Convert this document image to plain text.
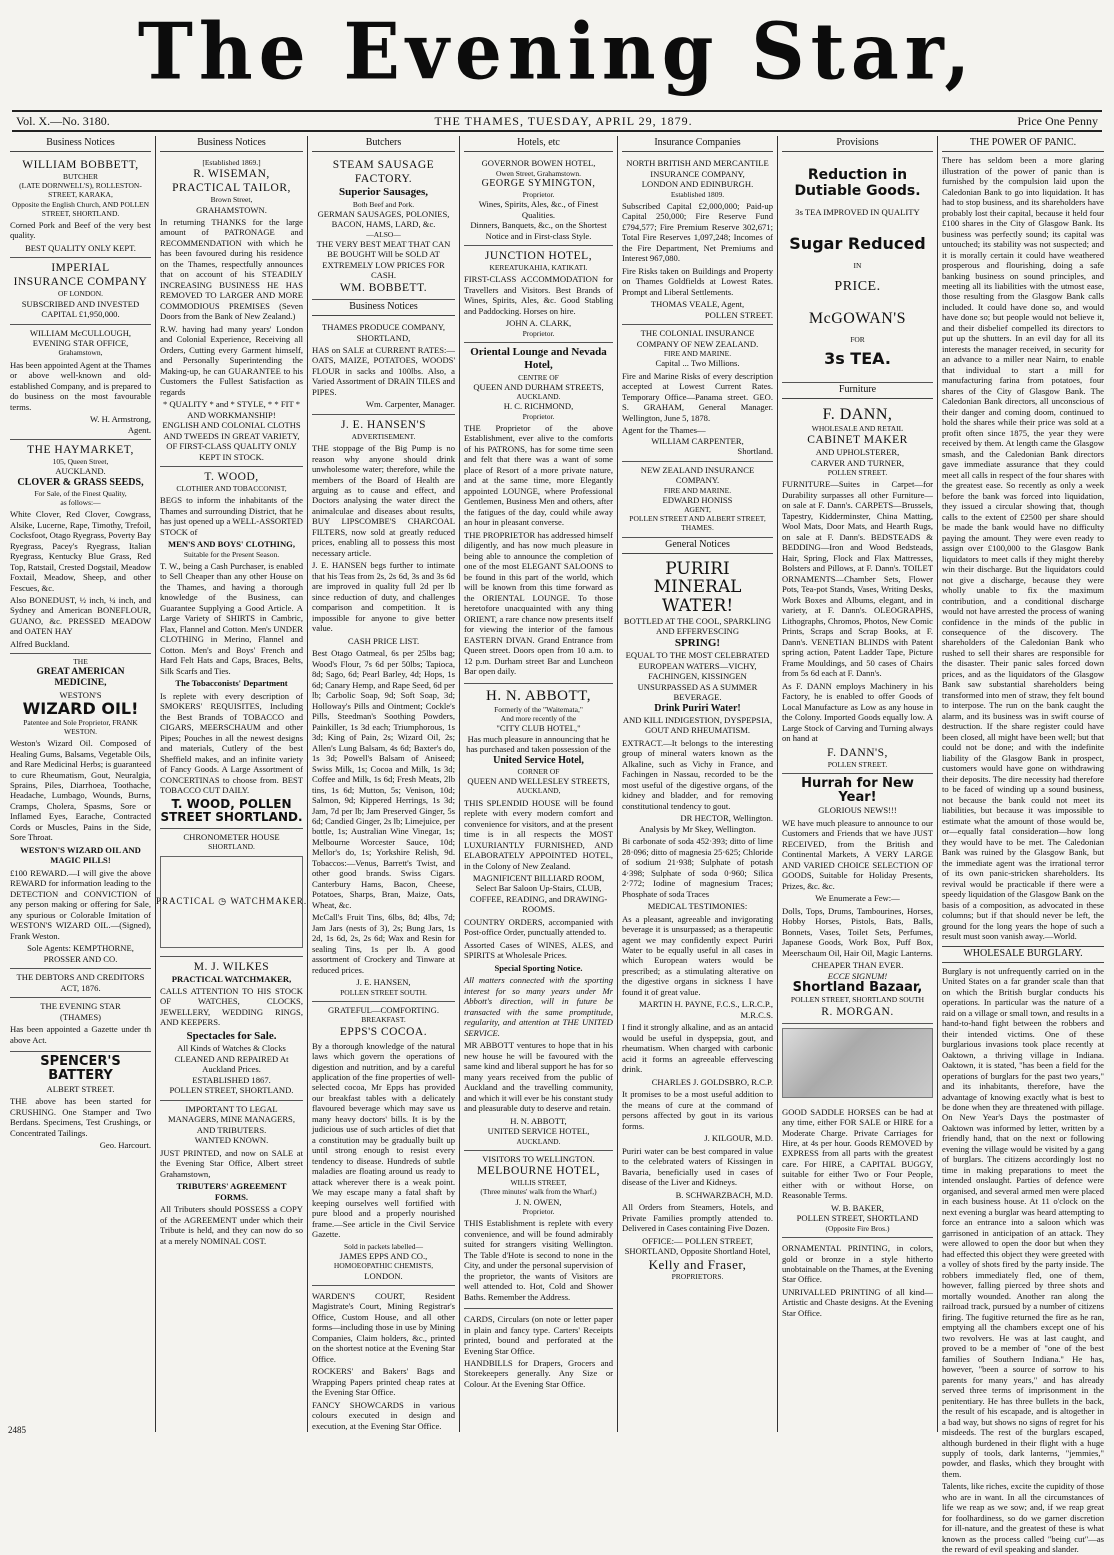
The Evening Star,
Vol. X.—No. 3180.	THE THAMES, TUESDAY, APRIL 29, 1879.	Price One Penny
Business Notices
WILLIAM BOBBETT,
BUTCHER
(LATE DORNWELL'S), ROLLESTON-STREET, KARAKA,
Opposite the English Church, AND POLLEN STREET, SHORTLAND.

Corned Pork and Beef of the very best quality.

BEST QUALITY ONLY KEPT.
IMPERIAL
INSURANCE COMPANY
OF LONDON.
SUBSCRIBED AND INVESTED
CAPITAL £1,950,000.
WILLIAM McCULLOUGH,
EVENING STAR OFFICE,
Grahamstown,

Has been appointed Agent at the Thames or above well-known and old-established Company, and is prepared to do business on the most favourable terms.

W. H. Armstrong,
Agent.
THE HAYMARKET,
105, Queen Street,
AUCKLAND.
CLOVER & GRASS SEEDS,
For Sale, of the Finest Quality,
as follows:—

White Clover, Red Clover, Cowgrass, Alsike, Lucerne, Rape, Timothy, Trefoil, Cocksfoot, Otago Ryegrass, Poverty Bay Ryegrass, Pacey's Ryegrass, Italian Ryegrass, Kentucky Blue Grass, Red Top, Ratstail, Crested Dogstail, Meadow Foxtail, Meadow, Sheep, and other Fescues, &c.

Also BONEDUST, ½ inch, ¼ inch, and Sydney and American BONEFLOUR, GUANO, &c. PRESSED MEADOW and OATEN HAY

Alfred Buckland.
THE
GREAT AMERICAN MEDICINE,
WESTON'S
WIZARD OIL!
Patentee and Sole Proprietor, FRANK WESTON.

Weston's Wizard Oil. Composed of Healing Gums, Balsams, Vegetable Oils, and Rare Medicinal Herbs; is guaranteed to cure Rheumatism, Gout, Neuralgia, Sprains, Piles, Diarrhoea, Toothache, Headache, Lumbago, Wounds, Burns, Cramps, Cholera, Spasms, Sore or Inflamed Eyes, Earache, Contracted Cords or Muscles, Pains in the Side, Sore Throat.

WESTON'S WIZARD OIL AND MAGIC PILLS!

£100 REWARD.—I will give the above REWARD for information leading to the DETECTION and CONVICTION of any person making or offering for Sale, any spurious or Colorable Imitation of WESTON'S WIZARD OIL.—(Signed), Frank Weston.

Sole Agents: KEMPTHORNE, PROSSER AND CO.
THE DEBTORS AND CREDITORS
ACT, 1876.
THE EVENING STAR
(THAMES)

Has been appointed a Gazette under th above Act.

SPENCER'S
BATTERY
ALBERT STREET.

THE above has been started for CRUSHING. One Stamper and Two Berdans. Specimens, Test Crushings, or Concentrated Tailings.

Geo. Harcourt.
Business Notices
[Established 1869.]
R. WISEMAN,
PRACTICAL TAILOR,
Brown Street,
GRAHAMSTOWN.

In returning THANKS for the large amount of PATRONAGE and RECOMMENDATION with which he has been favoured during his residence on the Thames, respectfully announces that on account of his STEADILY INCREASING BUSINESS HE HAS REMOVED TO LARGER AND MORE COMMODIOUS PREMISES (Seven Doors from the Bank of New Zealand.)

R.W. having had many years' London and Colonial Experience, Receiving all Orders, Cutting every Garment himself, and Personally Superintending the Making-up, he can GUARANTEE to his Customers the Fullest Satisfaction as regards

* QUALITY * and * STYLE, * * FIT * AND WORKMANSHIP!
ENGLISH AND COLONIAL CLOTHS AND TWEEDS IN GREAT VARIETY, OF FIRST-CLASS QUALITY ONLY KEPT IN STOCK.
T. WOOD,
CLOTHIER AND TOBACCONIST,

BEGS to inform the inhabitants of the Thames and surrounding District, that he has just opened up a WELL-ASSORTED STOCK of

MEN'S AND BOYS' CLOTHING,
Suitable for the Present Season.

T. W., being a Cash Purchaser, is enabled to Sell Cheaper than any other House on the Thames, and having a thorough knowledge of the Business, can Guarantee Supplying a Good Article. A Large Variety of SHIRTS in Cambric, Flax, Flannel and Cotton. Men's UNDER CLOTHING in Merino, Flannel and Cotton. Men's and Boys' French and Hard Felt Hats and Caps, Braces, Belts, Silk Scarfs and Ties.

The Tobacconists' Department

Is replete with every description of SMOKERS' REQUISITES, Including the Best Brands of TOBACCO and CIGARS, MEERSCHAUM and other Pipes; Pouches in all the newest designs and materials, Cutlery of the best Sheffield makes, and an infinite variety of Fancy Goods. A Large Assortment of CONCERTINAS to choose from. BEST TOBACCO CUT DAILY.

T. WOOD, POLLEN STREET SHORTLAND.
CHRONOMETER HOUSE
SHORTLAND.
PRACTICAL ◷ WATCHMAKER.
M. J. WILKES
PRACTICAL WATCHMAKER,

CALLS ATTENTION TO HIS STOCK OF WATCHES, CLOCKS, JEWELLERY, WEDDING RINGS, AND KEEPERS.

Spectacles for Sale.
All Kinds of Watches & Clocks CLEANED AND REPAIRED At Auckland Prices.
ESTABLISHED 1867.
POLLEN STREET, SHORTLAND.
IMPORTANT TO LEGAL MANAGERS, MINE MANAGERS, AND TRIBUTERS.
WANTED KNOWN.

JUST PRINTED, and now on SALE at the Evening Star Office, Albert street Grahamstown,

TRIBUTERS' AGREEMENT FORMS.

All Tributers should POSSESS a COPY of the AGREEMENT under which their Tribute is held, and they can now do so at a merely NOMINAL COST.

Butchers
STEAM SAUSAGE FACTORY.
Superior Sausages,
Both Beef and Pork.
GERMAN SAUSAGES, POLONIES, BACON, HAMS, LARD, &c.
—ALSO—
THE VERY BEST MEAT THAT CAN BE BOUGHT Will be SOLD AT EXTREMELY LOW PRICES FOR CASH.
WM. BOBBETT.
Business Notices
THAMES PRODUCE COMPANY, SHORTLAND,

HAS on SALE at CURRENT RATES:— OATS, MAIZE, POTATOES, WOODS' FLOUR in sacks and 100lbs. Also, a Varied Assortment of DRAIN TILES and PIPES.

Wm. Carpenter, Manager.
J. E. HANSEN'S
ADVERTISEMENT.

THE stoppage of the Big Pump is no reason why anyone should drink unwholesome water; therefore, while the members of the Board of Health are arguing as to cause and effect, and Doctors analysing the water direct the animalculae and diseases about results, BUY LIPSCOMBE'S CHARCOAL FILTERS, now sold at greatly reduced prices, enabling all to possess this most necessary article.

J. E. HANSEN begs further to intimate that his Teas from 2s, 2s 6d, 3s and 3s 6d are improved in quality full 2d per lb since reduction of duty, and challenges comparison and competition. It is impossible for anyone to give better value.

CASH PRICE LIST.

Best Otago Oatmeal, 6s per 25lbs bag; Wood's Flour, 7s 6d per 50lbs; Tapioca, 8d; Sago, 6d; Pearl Barley, 4d; Hops, 1s 6d; Canary Hemp, and Rape Seed, 6d per lb; Carbolic Soap, 9d; Soft Soap, 3d; Holloway's Pills and Ointment; Cockle's Pills, Steedman's Soothing Powders, Painkiller, 1s 3d each; Triumphorous, 1s 3d; King of Pain, 2s; Wizard Oil, 2s; Allen's Lung Balsam, 4s 6d; Baxter's do, 1s 3d; Powell's Balsam of Aniseed; Swiss Milk, 1s; Cocoa and Milk, 1s 3d; Coffee and Milk, 1s 6d; Fresh Meats, 2lb tins, 1s 6d; Mutton, 5s; Venison, 10d; Salmon, 9d; Kippered Herrings, 1s 3d; Jam, 7d per lb; Jam Preserved Ginger, 5s 6d; Candied Ginger, 2s lb; Limejuice, per bottle, 1s; Australian Wine Vinegar, 1s; Melbourne Worcester Sauce, 10d; Mellor's do, 1s; Yorkshire Relish, 9d. Tobaccos:—Venus, Barrett's Twist, and other good brands. Swiss Cigars. Canterbury Hams, Bacon, Cheese, Potatoes, Sharps, Bran, Maize, Oats, Wheat, &c.

McCall's Fruit Tins, 6lbs, 8d; 4lbs, 7d; Jam Jars (nests of 3), 2s; Bung Jars, 1s 2d, 1s 6d, 2s, 2s 6d; Wax and Resin for sealing Tins, 1s per lb. A good assortment of Crockery and Tinware at reduced prices.

J. E. HANSEN,
POLLEN STREET SOUTH.
GRATEFUL—COMFORTING.
BREAKFAST.
EPPS'S COCOA.

By a thorough knowledge of the natural laws which govern the operations of digestion and nutrition, and by a careful application of the fine properties of well-selected cocoa, Mr Epps has provided our breakfast tables with a delicately flavoured beverage which may save us many heavy doctors' bills. It is by the judicious use of such articles of diet that a constitution may be gradually built up until strong enough to resist every tendency to disease. Hundreds of subtle maladies are floating around us ready to attack wherever there is a weak point. We may escape many a fatal shaft by keeping ourselves well fortified with pure blood and a properly nourished frame.—See article in the Civil Service Gazette.

Sold in packets labelled—
JAMES EPPS AND CO.,
HOMOEOPATHIC CHEMISTS,
LONDON.

WARDEN'S COURT, Resident Magistrate's Court, Mining Registrar's Office, Custom House, and all other forms—including those in use by Mining Companies, Claim holders, &c., printed on the shortest notice at the Evening Star Office.

ROCKERS' and Bakers' Bags and Wrapping Papers printed cheap rates at the Evening Star Office.

FANCY SHOWCARDS in various colours executed in design and execution, at the Evening Star Office.

Hotels, etc
GOVERNOR BOWEN HOTEL,
Owen Street, Grahamstown.
GEORGE SYMINGTON,
Proprietor.
Wines, Spirits, Ales, &c., of Finest Qualities.
Dinners, Banquets, &c., on the Shortest Notice and in First-class Style.
JUNCTION HOTEL,
KEREATUKAHIA, KATIKATI.

FIRST-CLASS ACCOMMODATION for Travellers and Visitors. Best Brands of Wines, Spirits, Ales, &c. Good Stabling and Paddocking. Horses on hire.

JOHN A. CLARK,
Proprietor.
Oriental Lounge and Nevada Hotel,
CENTRE OF
QUEEN AND DURHAM STREETS,
AUCKLAND.
H. C. RICHMOND,
Proprietor.

THE Proprietor of the above Establishment, ever alive to the comforts of his PATRONS, has for some time seen and felt that there was a want of some place of Resort of a more private nature, and at the same time, more Elegantly appointed LOUNGE, where Professional Gentlemen, Business Men and others, after the fatigues of the day, could while away an hour in pleasant converse.

THE PROPRIETOR has addressed himself diligently, and has now much pleasure in being able to announce the completion of one of the most ELEGANT SALOONS to be found in this part of the world, which will be known from this time forward as the ORIENTAL LOUNGE. To those heretofore unacquainted with any thing ORIENT, a rare chance now presents itself for viewing the interior of the famous EASTERN DIVAN. Grand Entrance from Queen street. Doors open from 10 a.m. to 12 p.m. Durham street Bar and Luncheon Bar open daily.

H. N. ABBOTT,
Formerly of the "Waitemata,"
And more recently of the
"CITY CLUB HOTEL,"
Has much pleasure in announcing that he has purchased and taken possession of the
United Service Hotel,
CORNER OF
QUEEN AND WELLESLEY STREETS,
AUCKLAND,

THIS SPLENDID HOUSE will be found replete with every modern comfort and convenience for visitors, and at the present time is in all respects the MOST LUXURIANTLY FURNISHED, AND ELABORATELY APPOINTED HOTEL, in the Colony of New Zealand.

MAGNIFICENT BILLIARD ROOM,
Select Bar Saloon Up-Stairs, CLUB, COFFEE, READING, and DRAWING-ROOMS.

COUNTRY ORDERS, accompanied with Post-office Order, punctually attended to.

Assorted Cases of WINES, ALES, and SPIRITS at Wholesale Prices.

Special Sporting Notice.

All matters connected with the sporting interest for so many years under Mr Abbott's direction, will in future be transacted with the same promptitude, regularity, and attention at THE UNITED SERVICE.

MR ABBOTT ventures to hope that in his new house he will be favoured with the same kind and liberal support he has for so many years received from the public of Auckland and the travelling community, and which it will ever be his constant study and pleasurable duty to deserve and retain.

H. N. ABBOTT,
UNITED SERVICE HOTEL,
AUCKLAND.
VISITORS TO WELLINGTON.
MELBOURNE HOTEL,
WILLIS STREET,
(Three minutes' walk from the Wharf,)
J. N. OWEN,
Proprietor.

THIS Establishment is replete with every convenience, and will be found admirably suited for strangers visiting Wellington. The Table d'Hote is second to none in the City, and under the personal supervision of the proprietor, the wants of Visitors are well attended to. Hot, Cold and Shower Baths. Remember the Address.

CARDS, Circulars (on note or letter paper in plain and fancy type. Carters' Receipts printed, bound and perforated at the Evening Star Office.

HANDBILLS for Drapers, Grocers and Storekeepers generally. Any Size or Colour. At the Evening Star Office.

Insurance Companies
NORTH BRITISH AND MERCANTILE INSURANCE COMPANY,
LONDON AND EDINBURGH.
Established 1809.

Subscribed Capital £2,000,000; Paid-up Capital 250,000; Fire Reserve Fund £794,577; Fire Premium Reserve 302,671; Total Fire Reserves 1,097,248; Incomes of the Fire Department, Net Premiums and Interest 967,080.

Fire Risks taken on Buildings and Property on Thames Goldfields at Lowest Rates. Prompt and Liberal Settlements.

THOMAS VEALE, Agent,
POLLEN STREET.
THE COLONIAL INSURANCE COMPANY OF NEW ZEALAND.
FIRE AND MARINE.
Capital ... Two Millions.

Fire and Marine Risks of every description accepted at Lowest Current Rates. Temporary Office—Panama street. GEO. S. GRAHAM, General Manager. Wellington, June 5, 1878.

Agent for the Thames—
WILLIAM CARPENTER,
Shortland.
NEW ZEALAND INSURANCE COMPANY.
FIRE AND MARINE.
EDWARD HONISS
AGENT,
POLLEN STREET AND ALBERT STREET, THAMES.
General Notices
PURIRI MINERAL WATER!
BOTTLED AT THE COOL, SPARKLING AND EFFERVESCING
SPRING!
EQUAL TO THE MOST CELEBRATED EUROPEAN WATERS—VICHY, FACHINGEN, KISSINGEN
UNSURPASSED AS A SUMMER BEVERAGE.
Drink Puriri Water!
AND KILL INDIGESTION, DYSPEPSIA, GOUT AND RHEUMATISM.

EXTRACT.—It belongs to the interesting group of mineral waters known as the Alkaline, such as Vichy in France, and Fachingen in Nassau, recorded to be the most useful of the digestive organs, of the kidney and bladder, and for removing constitutional tendency to gout.

DR HECTOR, Wellington.
Analysis by Mr Skey, Wellington.

Bi carbonate of soda 452·393; ditto of lime 28·096; ditto of magnesia 25·625; Chloride of sodium 21·938; Sulphate of potash 4·398; Sulphate of soda 0·960; Silica 2·772; Iodine of magnesium Traces; Phosphate of soda Traces

MEDICAL TESTIMONIES:

As a pleasant, agreeable and invigorating beverage it is unsurpassed; as a therapeutic agent we may confidently expect Puriri Water to be equally useful in all cases in which European waters would be prescribed; as a stimulating alterative on the digestive organs in sickness I have found it of great value.

MARTIN H. PAYNE, F.C.S., L.R.C.P., M.R.C.S.

I find it strongly alkaline, and as an antacid would be useful in dyspepsia, gout, and rheumatism. When charged with carbonic acid it forms an agreeable effervescing drink.

CHARLES J. GOLDSBRO, R.C.P.

It promises to be a most useful addition to the means of cure at the command of persons affected by gout in its various forms.

J. KILGOUR, M.D.

Puriri water can be best compared in value to the celebrated waters of Kissingen in Bavaria, beneficially used in cases of disease of the Liver and Kidneys.

B. SCHWARZBACH, M.D.

All Orders from Steamers, Hotels, and Private Families promptly attended to. Delivered in Cases containing Five Dozen.

OFFICE:— POLLEN STREET, SHORTLAND, Opposite Shortland Hotel,
Kelly and Fraser,
PROPRIETORS.
Provisions
Reduction in Dutiable Goods.
3s TEA IMPROVED IN QUALITY
Sugar Reduced
IN
PRICE.
McGOWAN'S
FOR
3s TEA.
Furniture
F. DANN,
WHOLESALE AND RETAIL
CABINET MAKER
AND UPHOLSTERER,
CARVER AND TURNER,
POLLEN STREET.

FURNITURE—Suites in Carpet—for Durability surpasses all other Furniture—on sale at F. Dann's. CARPETS—Brussels, Tapestry, Kidderminster, China Matting, Wool Mats, Door Mats, and Hearth Rugs, on sale at F. Dann's. BEDSTEADS & BEDDING—Iron and Wood Bedsteads, Hair, Spring, Flock and Flax Mattresses, Bolsters and Pillows, at F. Dann's. TOILET ORNAMENTS—Chamber Sets, Flower Pots, Tea-pot Stands, Vases, Writing Desks, Work Boxes and Albums, elegant, and in variety, at F. Dann's. OLEOGRAPHS, Lithographs, Chromos, Photos, New Comic Prints, Scraps and Scrap Books, at F. Dann's. VENETIAN BLINDS with Patent spring action, Patent Ladder Tape, Picture Frame Mouldings, and 50 cases of Chairs from 5s 6d each at F. Dann's.

As F. DANN employs Machinery in his Factory, he is enabled to offer Goods of Local Manufacture as Low as any house in the Colony. Imported Goods equally low. A Large Stock of Carving and Turning always on hand at

F. DANN'S,
POLLEN STREET.
Hurrah for New Year!
GLORIOUS NEWS!!!

WE have much pleasure to announce to our Customers and Friends that we have JUST RECEIVED, from the British and Continental Markets, A VERY LARGE AND VARIED CHOICE SELECTION OF GOODS, Suitable for Holiday Presents, Prizes, &c. &c.

We Enumerate a Few:—

Dolls, Tops, Drums, Tambourines, Horses, Hobby Horses, Pistols, Bats, Balls, Bonnets, Vases, Toilet Sets, Perfumes, Japanese Goods, Work Box, Puff Box, Meerschaum Oil, Hair Oil, Magic Lanterns.

CHEAPER THAN EVER.
ECCE SIGNUM!
Shortland Bazaar,
POLLEN STREET, SHORTLAND SOUTH
R. MORGAN.

GOOD SADDLE HORSES can be had at any time, either FOR SALE or HIRE for a Moderate Charge. Private Carriages for Hire, at 4s per hour. Goods REMOVED by EXPRESS from all parts with the greatest care. For HIRE, a CAPITAL BUGGY, suitable for either Two or Four People, either with or without Horse, on Reasonable Terms.

W. B. BAKER,
POLLEN STREET, SHORTLAND
(Opposite Fire Bros.)

ORNAMENTAL PRINTING, in colors, gold or bronze in a style hitherto unobtainable on the Thames, at the Evening Star Office.

UNRIVALLED PRINTING of all kind—Artistic and Chaste designs. At the Evening Star Office.

THE POWER OF PANIC.

There has seldom been a more glaring illustration of the power of panic than is furnished by the compulsion laid upon the Caledonian Bank to go into liquidation. It has had to stop business, and its shareholders have probably lost their capital, because it held four £100 shares in the City of Glasgow Bank. Its business was perfectly sound; its capital was untouched; its stability was not suspected; and it is morally certain it could have weathered prosperous and flourishing, doing a safe banking business on sound principles, and meeting all its liabilities with the utmost ease, those resulting from the Glasgow Bank calls included. It could have done so, and would have done so; but people would not believe it, and their disbelief compelled its directors to put up the shutters. In an evil day for all its interests the manager received, in security for an advance to a miller near Nairn, to enable that individual to start a mill for manufacturing farina from potatoes, four shares of the City of Glasgow Bank. The Caledonian Bank directors, all unconscious of their danger and coming doom, continued to hold the shares while their price was sold at a profit often since 1875, the year they were received by them. At length came the Glasgow smash, and the Caledonian Bank directors gave immediate assurance that they could meet all calls in respect of the four shares with the greatest ease. So recently as only a week before the bank was forced into liquidation, they issued a circular showing that, though calls to the extent of £2500 per share should be made the bank would have no difficulty paying the amount. They were even ready to assign over £100,000 to the Glasgow Bank liquidators to meet calls if they might thereby win their discharge. But the liquidators could not give a discharge, because they were wholly unable to fix the maximum contribution, and a conditional discharge would not have arrested the process of waning confidence in the minds of the public in consequence of the discovery. The shareholders of the Caledonian Bank who rushed to sell their shares are responsible for the disaster. Their panic sales forced down prices, and as the liquidators of the Glasgow Bank saw substantial shareholders being transformed into men of straw, they felt bound to interpose. The run on the bank caught the alarm, and its business was in swift course of destruction. If the share register could have been closed, all might have been well; but that could not be done; and with the indefinite liability of the Glasgow Bank in prospect, customers would have gone on withdrawing their deposits. The dire necessity had therefore to be faced of winding up a sound business, not because the bank could not meet its liabilities, but because it was impossible to estimate what the amount of those would be, or—equally fatal consideration—how long they would have to be met. The Caledonian Bank was ruined by the Glasgow Bank, but the immediate agent was the irrational terror of its own panic-stricken shareholders. Its revival would be practicable if there were a speedy liquidation of the Glasgow Bank on the basis of a composition, as advocated in these columns; but if that should never be left, the ground for the long years the hope of such a result must soon vanish away.—World.

WHOLESALE BURGLARY.

Burglary is not unfrequently carried on in the United States on a far grander scale than that on which the British burglar conducts his operations. In particular was the nature of a raid on a village or small town, and results in a hand-to-hand fight between the robbers and their intended victims. One of these burglarious invasions took place recently at Oaktown, a thriving village in Indiana. Oaktown, it is stated, "has been a field for the operations of burglars for the past two years," and its inhabitants, therefore, have the advantage of knowing exactly what is best to be done when they are threatened with pillage. On New Year's Days the postmaster of Oaktown was informed by letter, written by a friendly hand, that on the next or following evening the village would be visited by a gang of burglars. The citizens accordingly lost no time in making preparations to meet the intended onslaught. Parties of defence were organised, and several armed men were placed in each business house. At 11 o'clock on the next evening a burglar was heard attempting to force an entrance into a saloon which was garrisoned in anticipation of an attack. They were allowed to open the door but when they had effected this object they were greeted with a volley of shots fired by the party inside. The robbers immediately fled, one of them, however, falling pierced by three shots and mortally wounded. Another ran along the railroad track, pursued by a number of citizens firing. The fugitive returned the fire as he ran, emptying all the chambers except one of his two revolvers. He was at last caught, and proved to be a member of "one of the best families of Southern Indiana." He has, however, "been a source of sorrow to his parents for many years," and has already served three terms of imprisonment in the penitentiary. He has three bullets in the back, the result of his escapade, and is altogether in a bad way, but shows no signs of regret for his misdeeds. The rest of the burglars escaped, although burdened in their flight with a huge supply of tools, dark lanterns, "jemmies," powder, and flasks, which they brought with them.

Talents, like riches, excite the cupidity of those who are in want. In all the circumstances of life we reap as we sow; and, if we reap great for foolhardiness, so do we garner discretion for ill-nature, and the greatest of these is what known as the process called "being cut"—as the reward of evil speaking and slander.

2485
